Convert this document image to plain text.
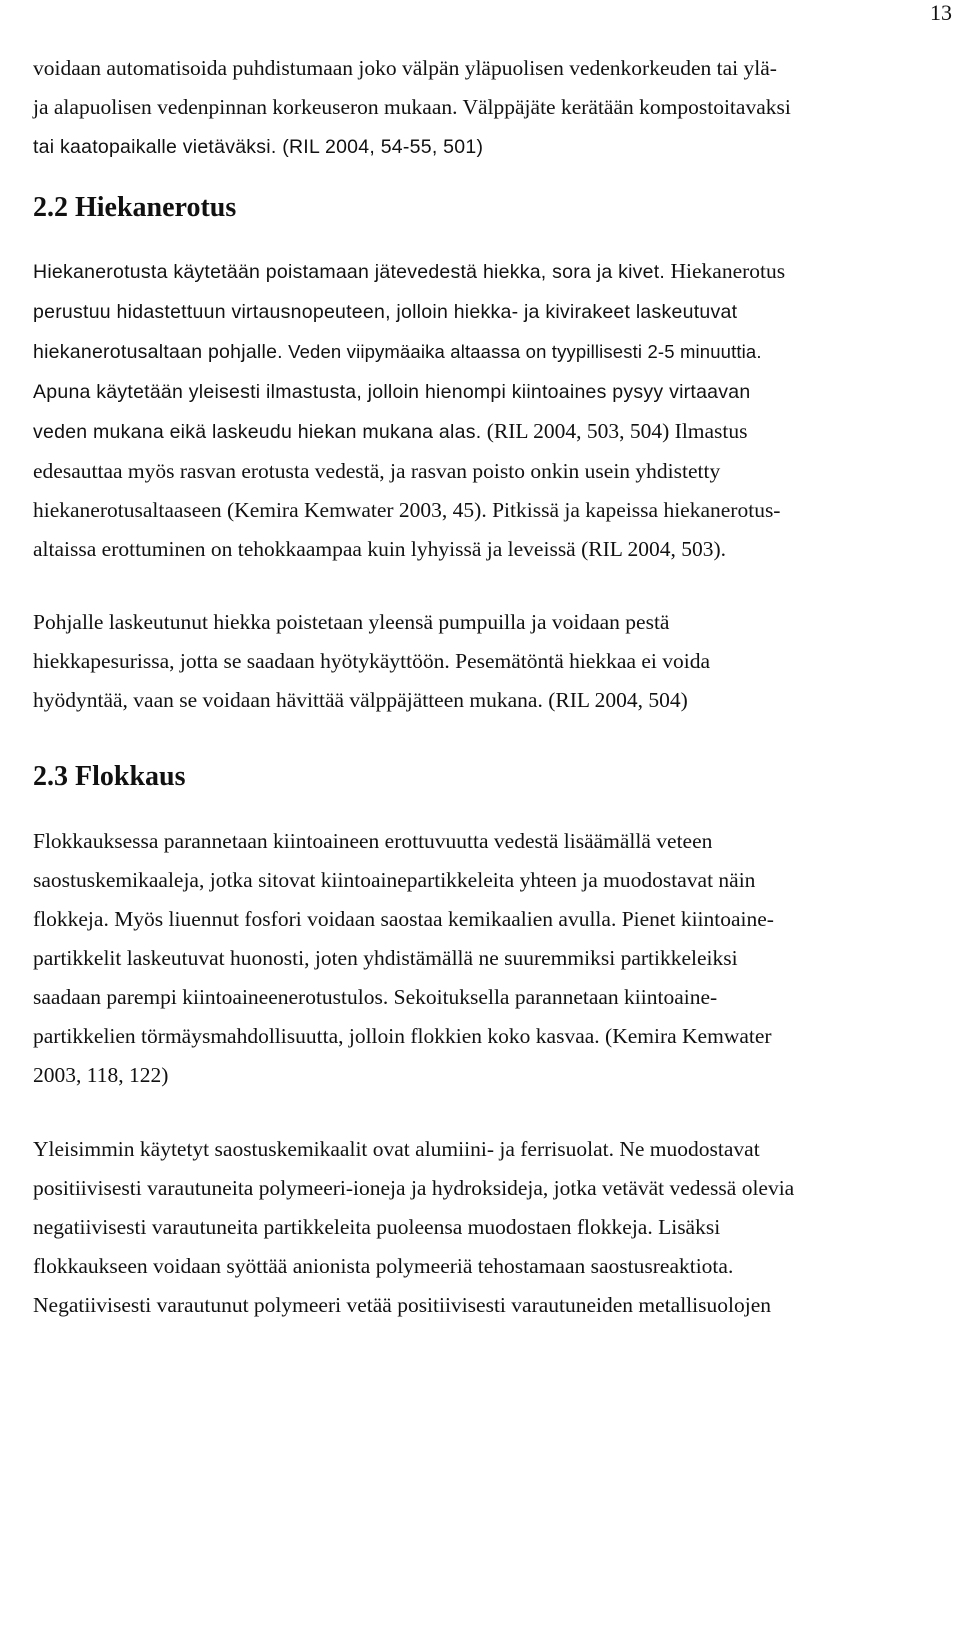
13

voidaan automatisoida puhdistumaan joko välpän yläpuolisen vedenkorkeuden tai ylä-
ja alapuolisen vedenpinnan korkeuseron mukaan. Välppäjäte kerätään kompostoitavaksi
tai kaatopaikalle vietäväksi. (RIL 2004, 54-55, 501)

2.2 Hiekanerotus

Hiekanerotusta käytetään poistamaan jätevedestä hiekka, sora ja kivet. Hiekanerotus
perustuu hidastettuun virtausnopeuteen, jolloin hiekka- ja kivirakeet laskeutuvat
hiekanerotusaltaan pohjalle. Veden viipymäaika altaassa on tyypillisesti 2-5 minuuttia.
Apuna käytetään yleisesti ilmastusta, jolloin hienompi kiintoaines pysyy virtaavan
veden mukana eikä laskeudu hiekan mukana alas. (RIL 2004, 503, 504) Ilmastus
edesauttaa myös rasvan erotusta vedestä, ja rasvan poisto onkin usein yhdistetty
hiekanerotusaltaaseen (Kemira Kemwater 2003, 45). Pitkissä ja kapeissa hiekanerotus-
altaissa erottuminen on tehokkaampaa kuin lyhyissä ja leveissä (RIL 2004, 503).

Pohjalle laskeutunut hiekka poistetaan yleensä pumpuilla ja voidaan pestä
hiekkapesurissa, jotta se saadaan hyötykäyttöön. Pesemätöntä hiekkaa ei voida
hyödyntää, vaan se voidaan hävittää välppäjätteen mukana. (RIL 2004, 504)

2.3 Flokkaus

Flokkauksessa parannetaan kiintoaineen erottuvuutta vedestä lisäämällä veteen
saostuskemikaaleja, jotka sitovat kiintoainepartikkeleita yhteen ja muodostavat näin
flokkeja. Myös liuennut fosfori voidaan saostaa kemikaalien avulla. Pienet kiintoaine-
partikkelit laskeutuvat huonosti, joten yhdistämällä ne suuremmiksi partikkeleiksi
saadaan parempi kiintoaineenerotustulos. Sekoituksella parannetaan kiintoaine-
partikkelien törmäysmahdollisuutta, jolloin flokkien koko kasvaa. (Kemira Kemwater
2003, 118, 122)

Yleisimmin käytetyt saostuskemikaalit ovat alumiini- ja ferrisuolat. Ne muodostavat
positiivisesti varautuneita polymeeri-ioneja ja hydroksideja, jotka vetävät vedessä olevia
negatiivisesti varautuneita partikkeleita puoleensa muodostaen flokkeja. Lisäksi
flokkaukseen voidaan syöttää anionista polymeeriä tehostamaan saostusreaktiota.
Negatiivisesti varautunut polymeeri vetää positiivisesti varautuneiden metallisuolojen
